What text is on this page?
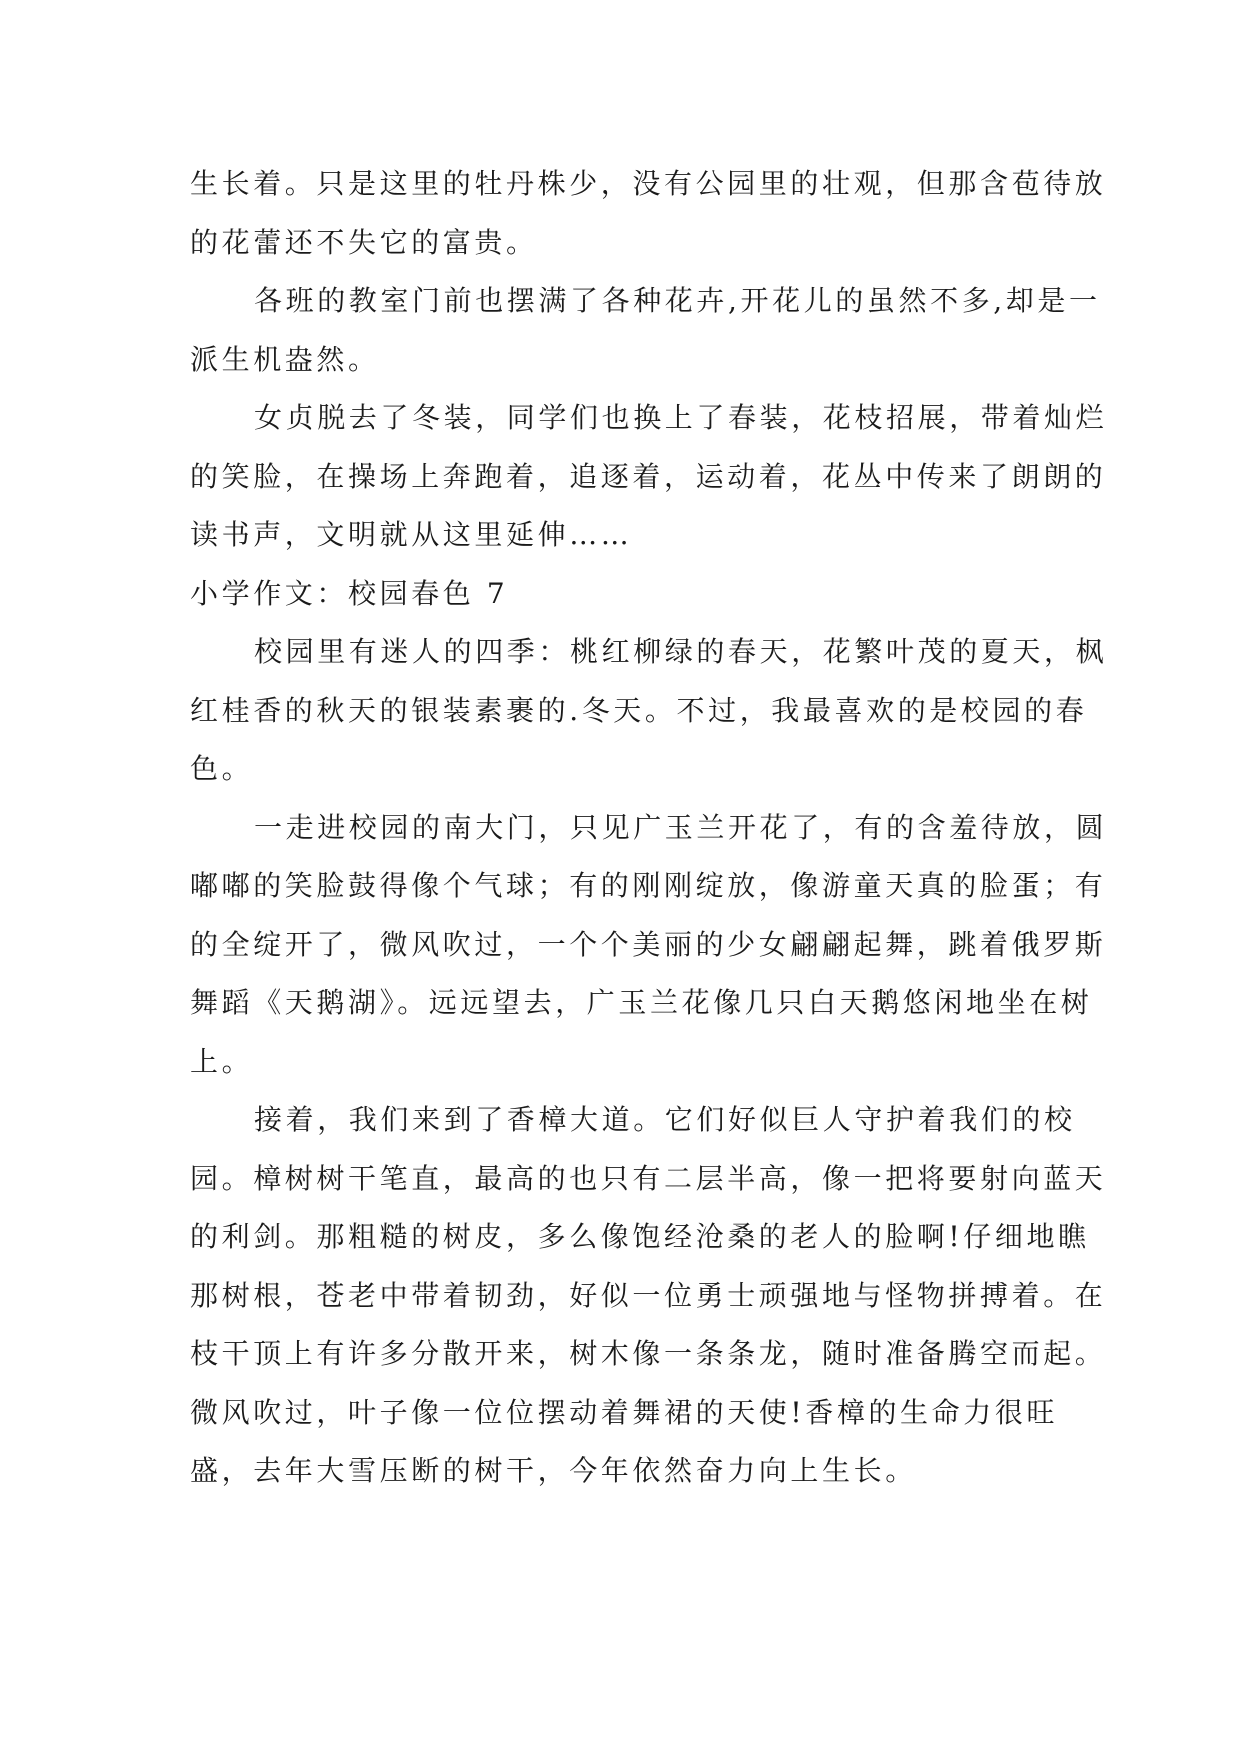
生长着。只是这里的牡丹株少，没有公园里的壮观，但那含苞待放的花蕾还不失它的富贵。

各班的教室门前也摆满了各种花卉,开花儿的虽然不多,却是一派生机盎然。

女贞脱去了冬装，同学们也换上了春装，花枝招展，带着灿烂的笑脸，在操场上奔跑着，追逐着，运动着，花丛中传来了朗朗的读书声，文明就从这里延伸……

小学作文：校园春色 7

校园里有迷人的四季：桃红柳绿的春天，花繁叶茂的夏天，枫红桂香的秋天的银装素裹的.冬天。不过，我最喜欢的是校园的春色。

一走进校园的南大门，只见广玉兰开花了，有的含羞待放，圆嘟嘟的笑脸鼓得像个气球；有的刚刚绽放，像游童天真的脸蛋；有的全绽开了，微风吹过，一个个美丽的少女翩翩起舞，跳着俄罗斯舞蹈《天鹅湖》。远远望去，广玉兰花像几只白天鹅悠闲地坐在树上。

接着，我们来到了香樟大道。它们好似巨人守护着我们的校园。樟树树干笔直，最高的也只有二层半高，像一把将要射向蓝天的利剑。那粗糙的树皮，多么像饱经沧桑的老人的脸啊!仔细地瞧那树根，苍老中带着韧劲，好似一位勇士顽强地与怪物拼搏着。在枝干顶上有许多分散开来，树木像一条条龙，随时准备腾空而起。微风吹过，叶子像一位位摆动着舞裙的天使!香樟的生命力很旺盛，去年大雪压断的树干，今年依然奋力向上生长。
